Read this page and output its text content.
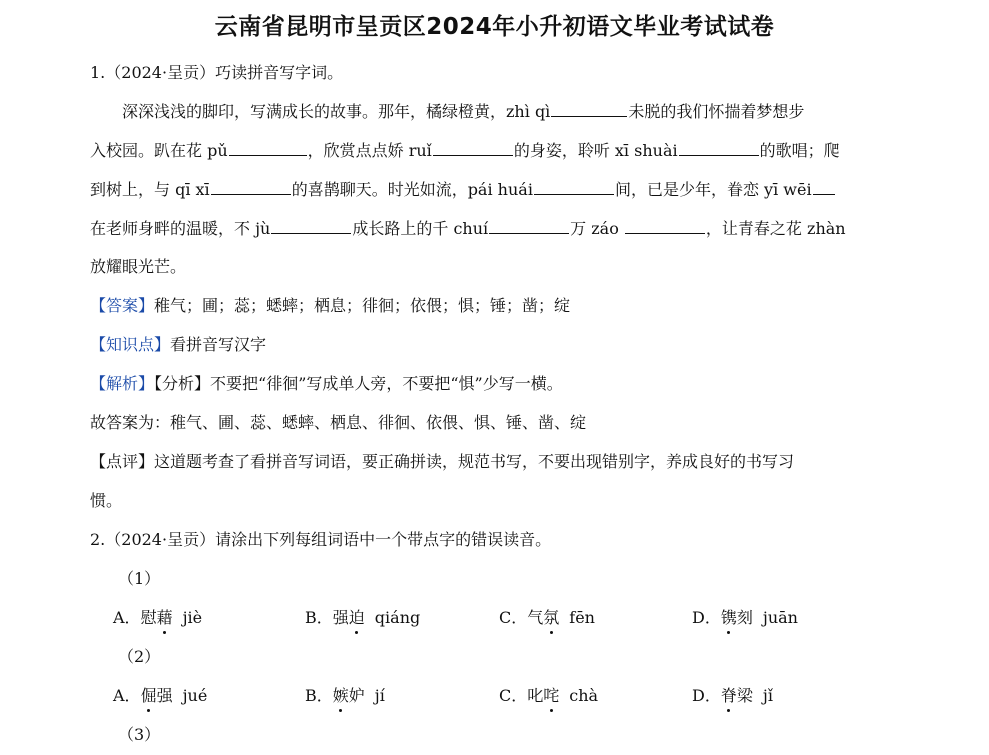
云南省昆明市呈贡区2024年小升初语文毕业考试试卷
1.（2024·呈贡）巧读拼音写字词。
深深浅浅的脚印，写满成长的故事。那年，橘绿橙黄，zhì qì	未脱的我们怀揣着梦想步
入校园。趴在花 pǔ	，欣赏点点娇 ruǐ	的身姿，聆听 xī shuài	的歌唱；爬
到树上，与 qī xī	的喜鹊聊天。时光如流，pái huái	间，已是少年，眷恋 yī wēi
在老师身畔的温暖，不 jù	成长路上的千 chuí	万 záo	，让青春之花 zhàn
放耀眼光芒。
【答案】稚气；圃；蕊；蟋蟀；栖息；徘徊；依偎；惧；锤；凿；绽
【知识点】看拼音写汉字
【解析】【分析】不要把“徘徊”写成单人旁，不要把“惧”少写一横。
故答案为：稚气、圃、蕊、蟋蟀、栖息、徘徊、依偎、惧、锤、凿、绽
【点评】这道题考查了看拼音写词语，要正确拼读，规范书写，不要出现错别字，养成良好的书写习
惯。
2.（2024·呈贡）请涂出下列每组词语中一个带点字的错误读音。
（1）
A．慰藉 jiè	B．强迫 qiáng	C．气氛 fēn	D．镌刻 juān
（2）
A．倔强 jué	B．嫉妒 jí	C．叱咤 chà	D．脊梁 jǐ
（3）
